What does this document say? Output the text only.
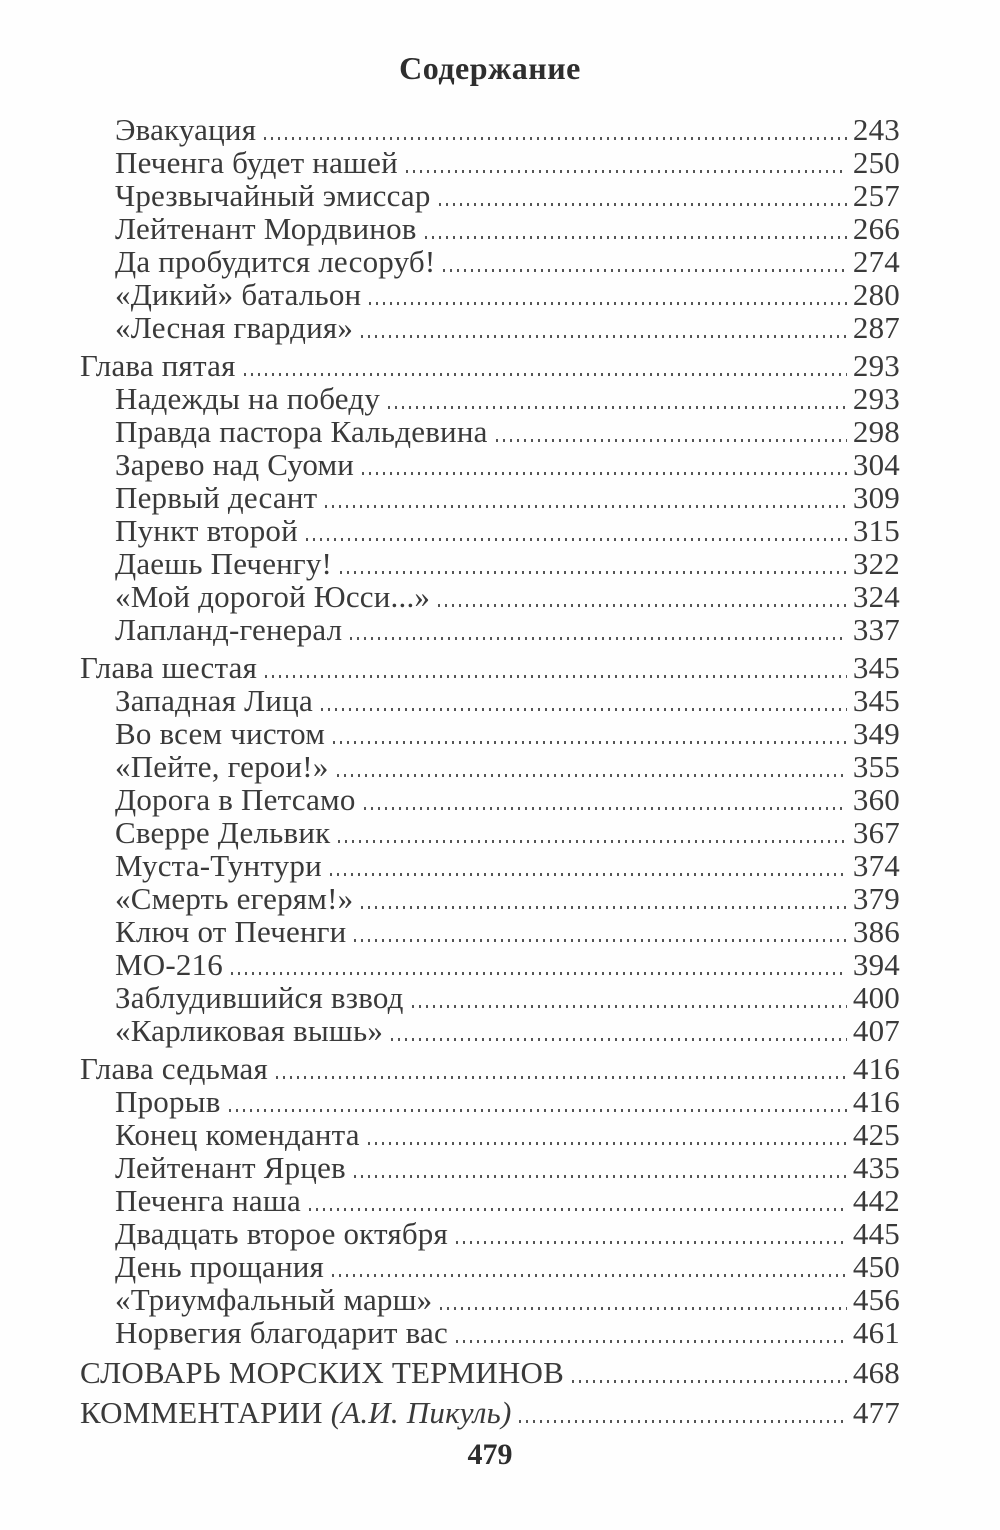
Содержание
Эвакуация	243
Печенга будет нашей	250
Чрезвычайный эмиссар	257
Лейтенант Мордвинов	266
Да пробудится лесоруб!	274
«Дикий» батальон	280
«Лесная гвардия»	287
Глава пятая	293
Надежды на победу	293
Правда пастора Кальдевина	298
Зарево над Суоми	304
Первый десант	309
Пункт второй	315
Даешь Печенгу!	322
«Мой дорогой Юсси...»	324
Лапланд-генерал	337
Глава шестая	345
Западная Лица	345
Во всем чистом	349
«Пейте, герои!»	355
Дорога в Петсамо	360
Сверре Дельвик	367
Муста-Тунтури	374
«Смерть егерям!»	379
Ключ от Печенги	386
МО-216	394
Заблудившийся взвод	400
«Карликовая вышь»	407
Глава седьмая	416
Прорыв	416
Конец коменданта	425
Лейтенант Ярцев	435
Печенга наша	442
Двадцать второе октября	445
День прощания	450
«Триумфальный марш»	456
Норвегия благодарит вас	461
СЛОВАРЬ МОРСКИХ ТЕРМИНОВ	468
КОММЕНТАРИИ (А.И. Пикуль)	477
479
